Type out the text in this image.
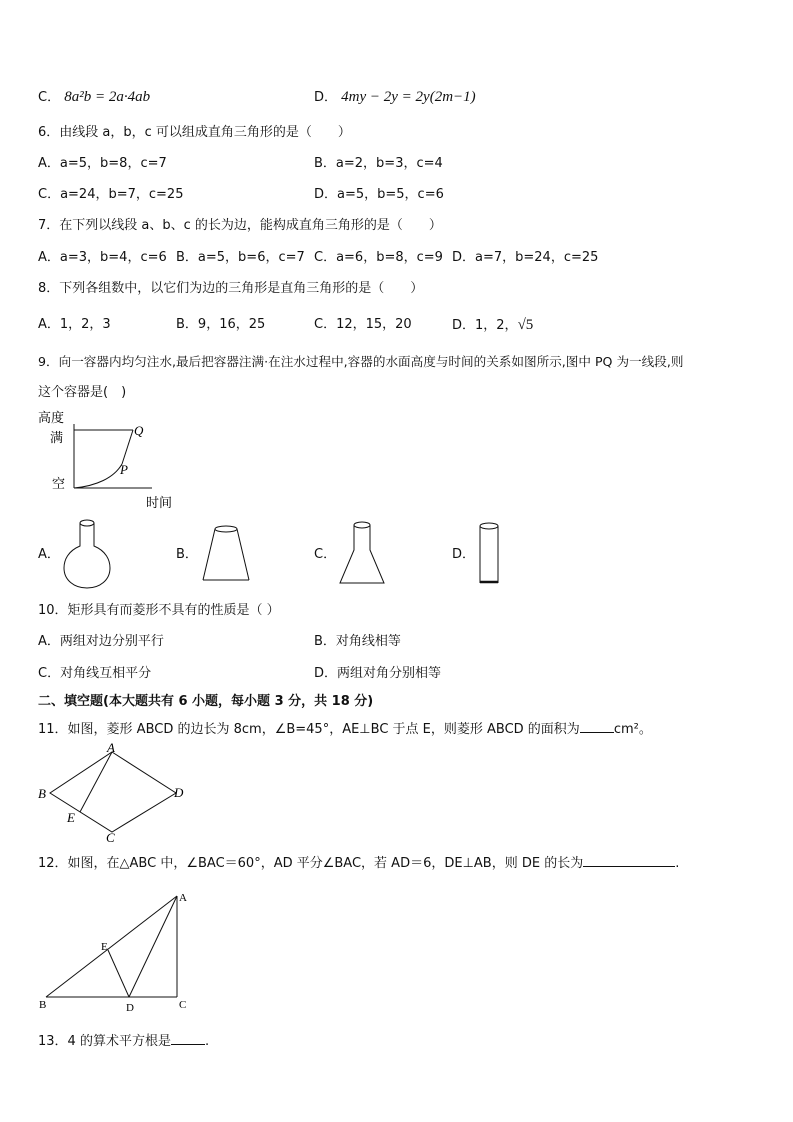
C． 8a²b = 2a·4ab	D． 4my − 2y = 2y(2m−1)
6．由线段 a，b，c 可以组成直角三角形的是（　　）
A．a=5，b=8，c=7	B．a=2，b=3，c=4
C．a=24，b=7，c=25	D．a=5，b=5，c=6
7．在下列以线段 a、b、c 的长为边，能构成直角三角形的是（　　）
A．a=3，b=4，c=6 B．a=5，b=6，c=7 C．a=6，b=8，c=9 D．a=7，b=24，c=25
8．下列各组数中，以它们为边的三角形是直角三角形的是（　　）
A．1，2，3	B．9，16，25	C．12，15，20	D．1，2，√5
9．向一容器内均匀注水,最后把容器注满·在注水过程中,容器的水面高度与时间的关系如图所示,图中 PQ 为一线段,则
这个容器是(　)
高度
满
空
时间
P
Q
A．	B．	C．	D．
10．矩形具有而菱形不具有的性质是（ ）
A．两组对边分别平行	B．对角线相等
C．对角线互相平分	D．两组对角分别相等
二、填空题(本大题共有 6 小题，每小题 3 分，共 18 分)
11．如图，菱形 ABCD 的边长为 8cm，∠B=45°，AE⊥BC 于点 E，则菱形 ABCD 的面积为	cm²。
A
B	D
E
C
12．如图，在△ABC 中，∠BAC＝60°，AD 平分∠BAC，若 AD＝6，DE⊥AB，则 DE 的长为	.
A
E
B	D	C
13．4 的算术平方根是	.
